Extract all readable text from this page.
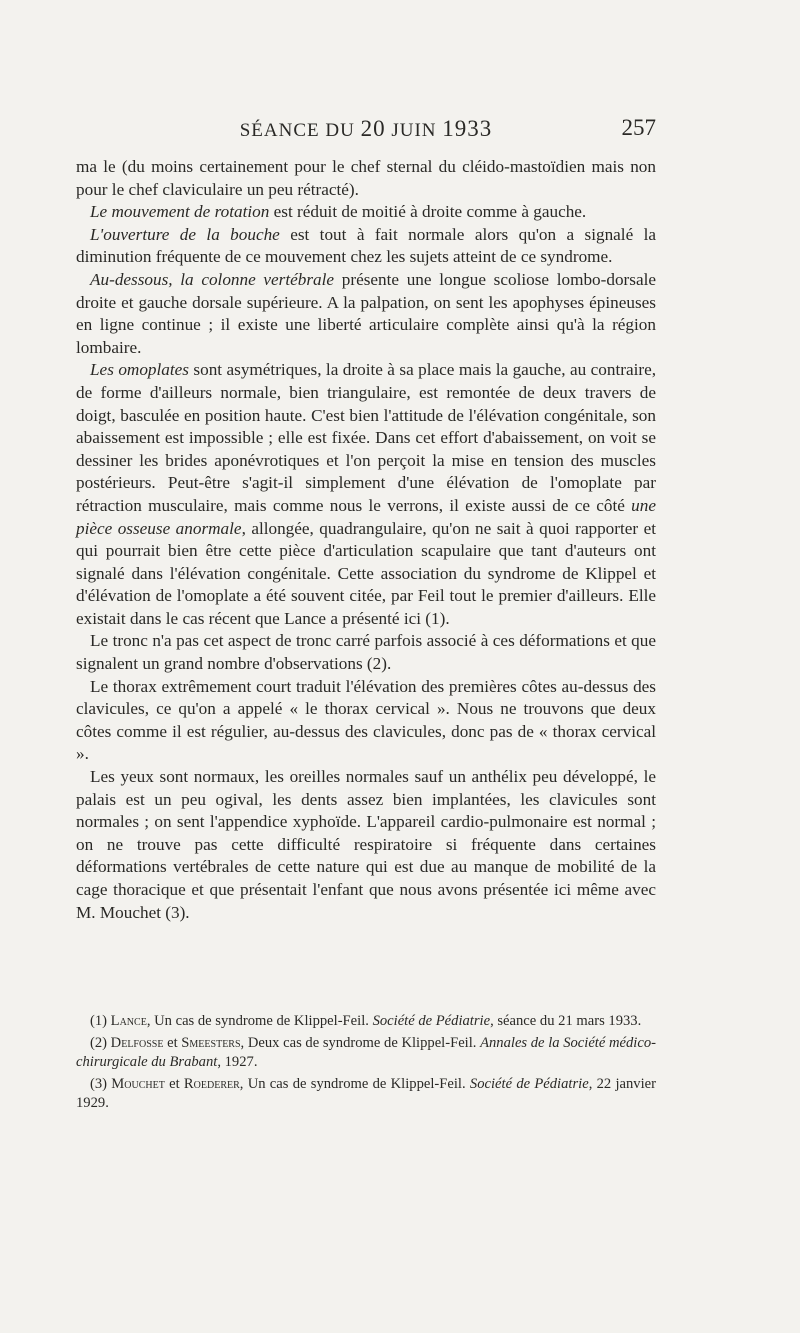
SÉANCE DU 20 JUIN 1933	257

ma le (du moins certainement pour le chef sternal du cléido-mastoïdien mais non pour le chef claviculaire un peu rétracté).

Le mouvement de rotation est réduit de moitié à droite comme à gauche.

L'ouverture de la bouche est tout à fait normale alors qu'on a signalé la diminution fréquente de ce mouvement chez les sujets atteint de ce syndrome.

Au-dessous, la colonne vertébrale présente une longue scoliose lombo-dorsale droite et gauche dorsale supérieure. A la palpation, on sent les apophyses épineuses en ligne continue ; il existe une liberté articulaire complète ainsi qu'à la région lombaire.

Les omoplates sont asymétriques, la droite à sa place mais la gauche, au contraire, de forme d'ailleurs normale, bien triangulaire, est remontée de deux travers de doigt, basculée en position haute. C'est bien l'attitude de l'élévation congénitale, son abaissement est impossible ; elle est fixée. Dans cet effort d'abaissement, on voit se dessiner les brides aponévrotiques et l'on perçoit la mise en tension des muscles postérieurs. Peut-être s'agit-il simplement d'une élévation de l'omoplate par rétraction musculaire, mais comme nous le verrons, il existe aussi de ce côté une pièce osseuse anormale, allongée, quadrangulaire, qu'on ne sait à quoi rapporter et qui pourrait bien être cette pièce d'articulation scapulaire que tant d'auteurs ont signalé dans l'élévation congénitale. Cette association du syndrome de Klippel et d'élévation de l'omoplate a été souvent citée, par Feil tout le premier d'ailleurs. Elle existait dans le cas récent que Lance a présenté ici (1).

Le tronc n'a pas cet aspect de tronc carré parfois associé à ces déformations et que signalent un grand nombre d'observations (2).

Le thorax extrêmement court traduit l'élévation des premières côtes au-dessus des clavicules, ce qu'on a appelé « le thorax cervical ». Nous ne trouvons que deux côtes comme il est régulier, au-dessus des clavicules, donc pas de « thorax cervical ».

Les yeux sont normaux, les oreilles normales sauf un anthélix peu développé, le palais est un peu ogival, les dents assez bien implantées, les clavicules sont normales ; on sent l'appendice xyphoïde. L'appareil cardio-pulmonaire est normal ; on ne trouve pas cette difficulté respiratoire si fréquente dans certaines déformations vertébrales de cette nature qui est due au manque de mobilité de la cage thoracique et que présentait l'enfant que nous avons présentée ici même avec M. Mouchet (3).

(1) Lance, Un cas de syndrome de Klippel-Feil. Société de Pédiatrie, séance du 21 mars 1933.

(2) Delfosse et Smeesters, Deux cas de syndrome de Klippel-Feil. Annales de la Société médico-chirurgicale du Brabant, 1927.

(3) Mouchet et Roederer, Un cas de syndrome de Klippel-Feil. Société de Pédiatrie, 22 janvier 1929.
